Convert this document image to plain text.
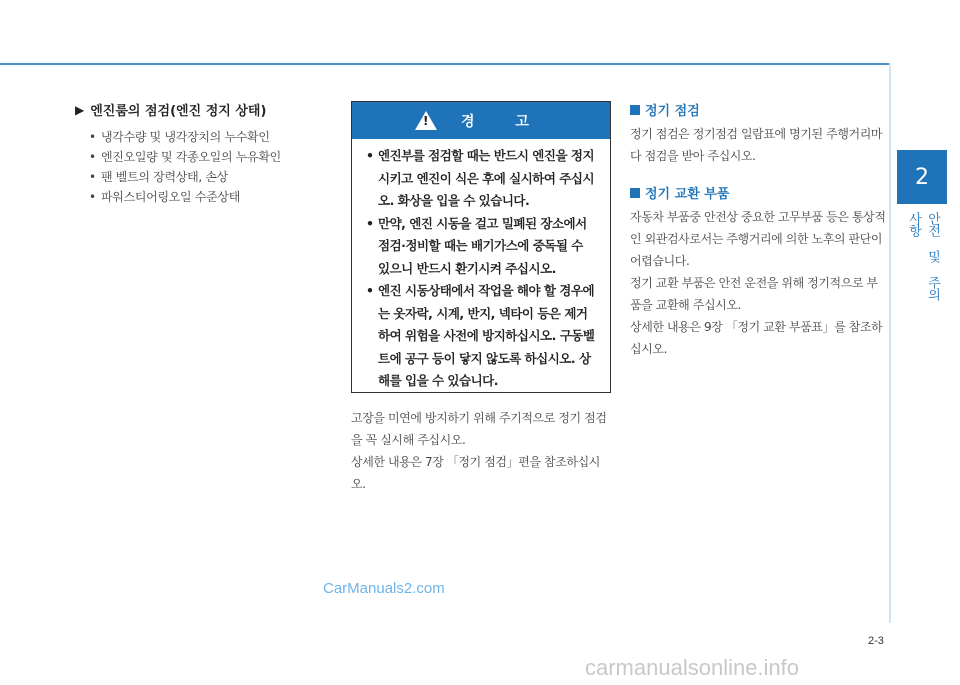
2
안전 및 주의 사항
▶ 엔진룸의 점검(엔진 정지 상태)
• 냉각수량 및 냉각장치의 누수확인
• 엔진오일량 및 각종오일의 누유확인
• 팬 벨트의 장력상태, 손상
• 파워스티어링오일 수준상태
! 경 고
• 엔진부를 점검할 때는 반드시 엔진을 정지시키고 엔진이 식은 후에 실시하여 주십시오. 화상을 입을 수 있습니다.
• 만약, 엔진 시동을 걸고 밀폐된 장소에서 점검·정비할 때는 배기가스에 중독될 수 있으니 반드시 환기시켜 주십시오.
• 엔진 시동상태에서 작업을 해야 할 경우에는 옷자락, 시계, 반지, 넥타이 등은 제거하여 위험을 사전에 방지하십시오. 구동벨트에 공구 등이 닿지 않도록 하십시오. 상해를 입을 수 있습니다.

고장을 미연에 방지하기 위해 주기적으로 정기 점검을 꼭 실시해 주십시오.

상세한 내용은 7장 「정기 점검」편을 참조하십시오.

정기 점검

정기 점검은 정기점검 일람표에 명기된 주행거리마다 점검을 받아 주십시오.

정기 교환 부품

자동차 부품중 안전상 중요한 고무부품 등은 통상적인 외관검사로서는 주행거리에 의한 노후의 판단이 어렵습니다.

정기 교환 부품은 안전 운전을 위해 정기적으로 부품을 교환해 주십시오.

상세한 내용은 9장 「정기 교환 부품표」를 참조하십시오.

CarManuals2.com
2-3
carmanualsonline.info
